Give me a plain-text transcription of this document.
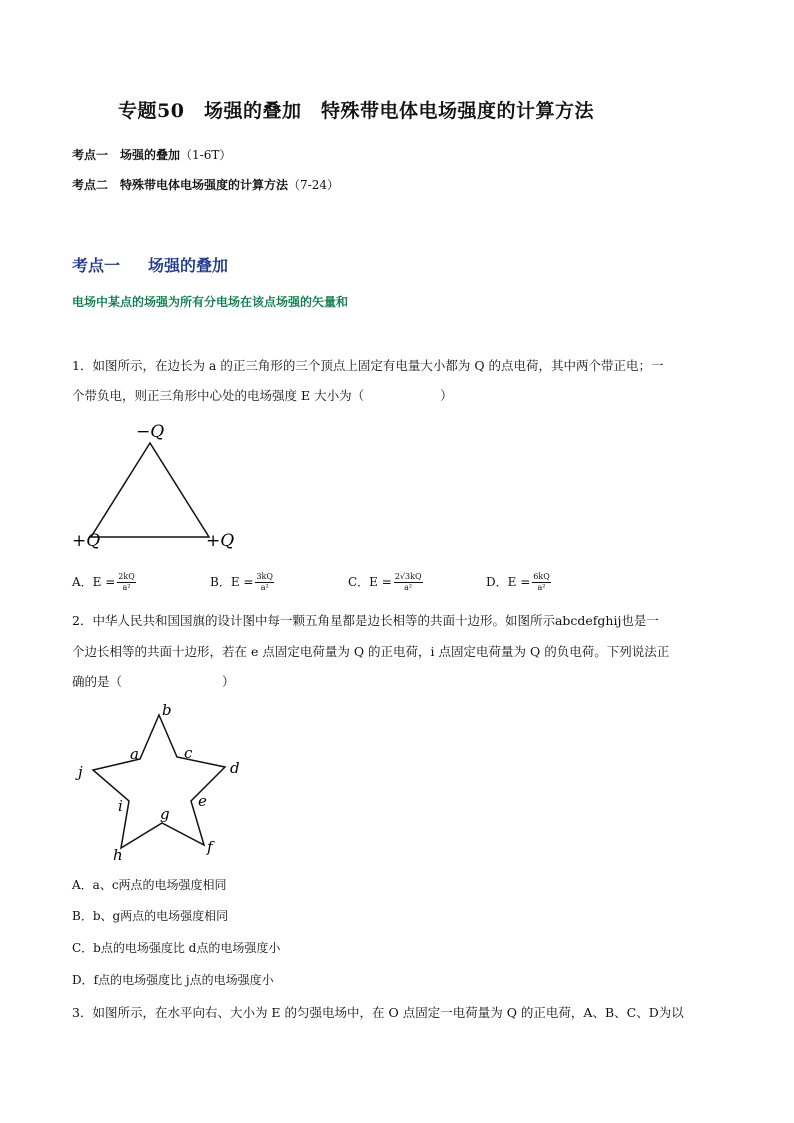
专题50　场强的叠加　特殊带电体电场强度的计算方法
考点一　场强的叠加（1-6T）
考点二　特殊带电体电场强度的计算方法（7-24）
考点一 场强的叠加
电场中某点的场强为所有分电场在该点场强的矢量和
1．如图所示，在边长为 a 的正三角形的三个顶点上固定有电量大小都为 Q 的点电荷，其中两个带正电；一
个带负电，则正三角形中心处的电场强度 E 大小为（	）
−Q
+Q	+Q
A．$E = \frac{2kQ}{\text{a²}}$	B．$E = \frac{3kQ}{\text{a²}}$	C．$E = \frac{2√3kQ}{\text{a²}}$	D．$E = \frac{6kQ}{\text{a²}}$
2．中华人民共和国国旗的设计图中每一颗五角星都是边长相等的共面十边形。如图所示abcdefghij也是一
个边长相等的共面十边形，若在 e 点固定电荷量为 Q 的正电荷，i 点固定电荷量为 Q 的负电荷。下列说法正
确的是（	）
b
a	c
j	d
i	e
g
f
h
A．a、c两点的电场强度相同
B．b、g两点的电场强度相同
C．b点的电场强度比 d点的电场强度小
D．f点的电场强度比 j点的电场强度小
3．如图所示，在水平向右、大小为 E 的匀强电场中，在 O 点固定一电荷量为 Q 的正电荷，A、B、C、D为以
